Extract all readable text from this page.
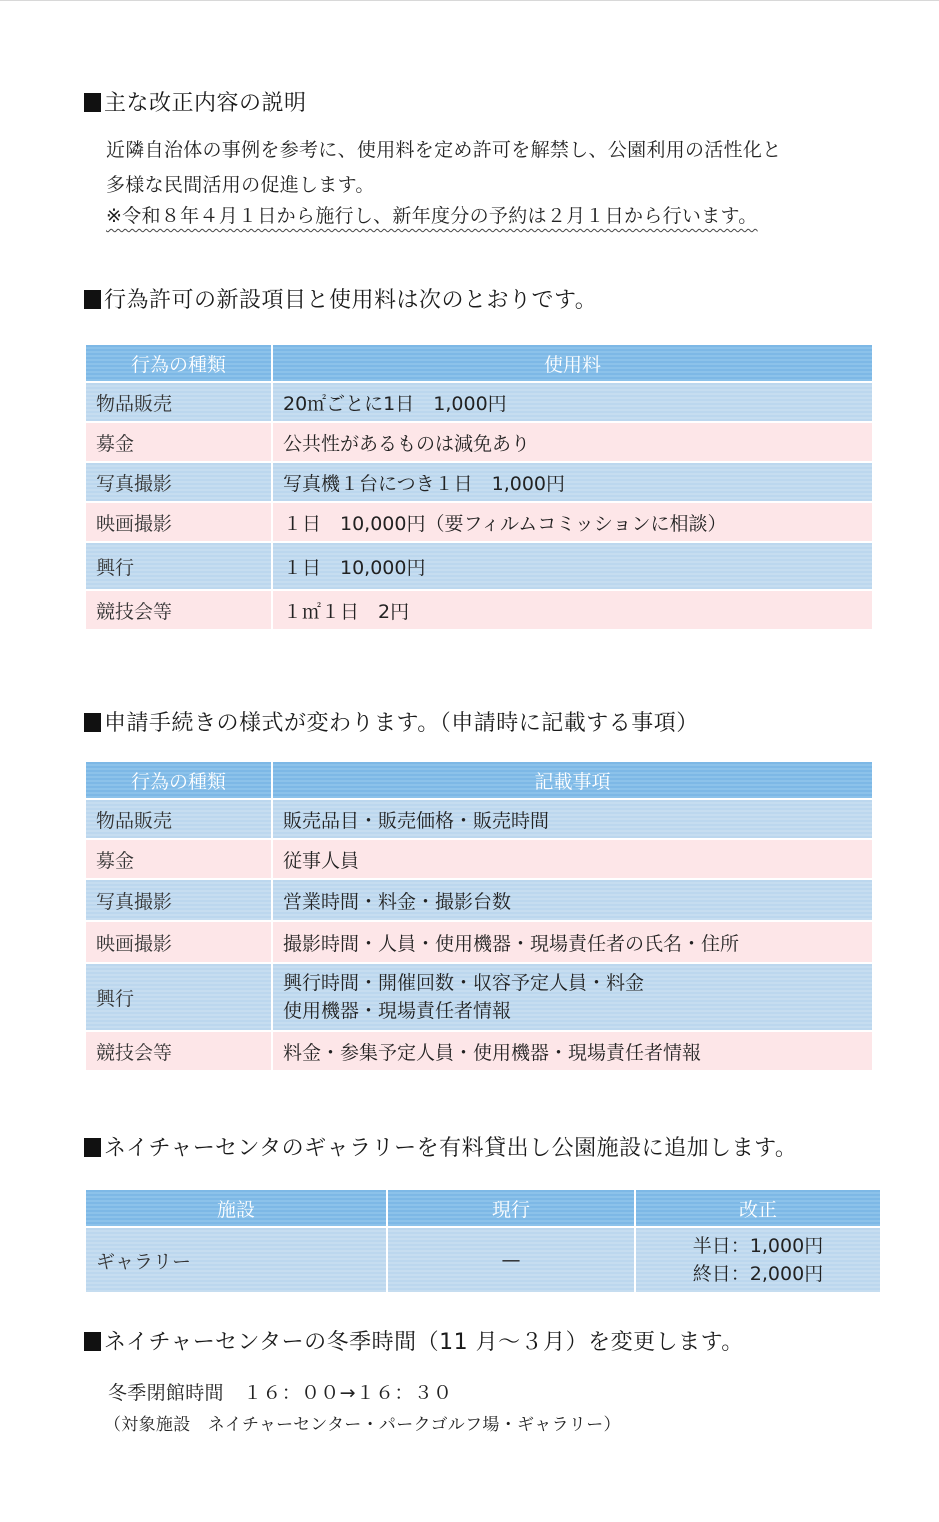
主な改正内容の説明
近隣自治体の事例を参考に、使用料を定め許可を解禁し、公園利用の活性化と
多様な民間活用の促進します。
※令和８年４月１日から施行し、新年度分の予約は２月１日から行います。
行為許可の新設項目と使用料は次のとおりです。
行為の種類	使用料
物品販売	20㎡ごとに1日　1,000円
募金	公共性があるものは減免あり
写真撮影	写真機１台につき１日　1,000円
映画撮影	１日　10,000円（要フィルムコミッションに相談）
興行	１日　10,000円
競技会等	１㎡１日　2円
申請手続きの様式が変わります。（申請時に記載する事項）
行為の種類	記載事項
物品販売	販売品目・販売価格・販売時間
募金	従事人員
写真撮影	営業時間・料金・撮影台数
映画撮影	撮影時間・人員・使用機器・現場責任者の氏名・住所
興行	興行時間・開催回数・収容予定人員・料金
使用機器・現場責任者情報

競技会等	料金・参集予定人員・使用機器・現場責任者情報
ネイチャーセンタのギャラリーを有料貸出し公園施設に追加します。
施設	現行	改正
ギャラリー	—	半日：1,000円
終日：2,000円
ネイチャーセンターの冬季時間（11 月～３月）を変更します。
冬季閉館時間　１６：００→１６：３０
（対象施設　ネイチャーセンター・パークゴルフ場・ギャラリー）
